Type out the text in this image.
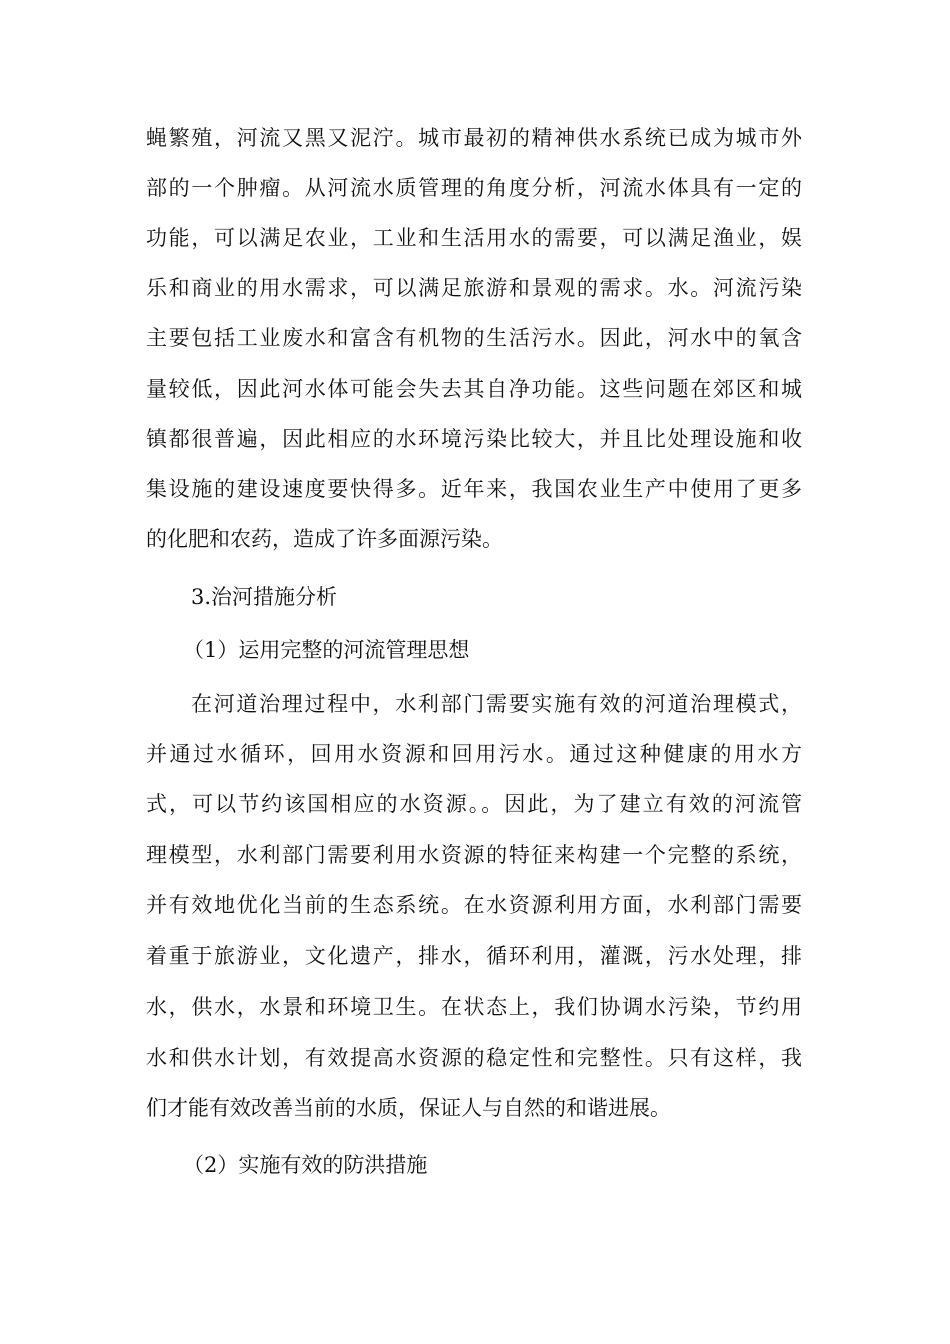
蝇繁殖，河流又黑又泥泞。城市最初的精神供水系统已成为城市外
部的一个肿瘤。从河流水质管理的角度分析，河流水体具有一定的
功能，可以满足农业，工业和生活用水的需要，可以满足渔业，娱
乐和商业的用水需求，可以满足旅游和景观的需求。水。河流污染
主要包括工业废水和富含有机物的生活污水。因此，河水中的氧含
量较低，因此河水体可能会失去其自净功能。这些问题在郊区和城
镇都很普遍，因此相应的水环境污染比较大，并且比处理设施和收
集设施的建设速度要快得多。近年来，我国农业生产中使用了更多
的化肥和农药，造成了许多面源污染。
3.治河措施分析
（1）运用完整的河流管理思想
在河道治理过程中，水利部门需要实施有效的河道治理模式，
并通过水循环，回用水资源和回用污水。通过这种健康的用水方
式，可以节约该国相应的水资源。。因此，为了建立有效的河流管
理模型，水利部门需要利用水资源的特征来构建一个完整的系统，
并有效地优化当前的生态系统。在水资源利用方面，水利部门需要
着重于旅游业，文化遗产，排水，循环利用，灌溉，污水处理，排
水，供水，水景和环境卫生。在状态上，我们协调水污染，节约用
水和供水计划，有效提高水资源的稳定性和完整性。只有这样，我
们才能有效改善当前的水质，保证人与自然的和谐进展。
（2）实施有效的防洪措施
